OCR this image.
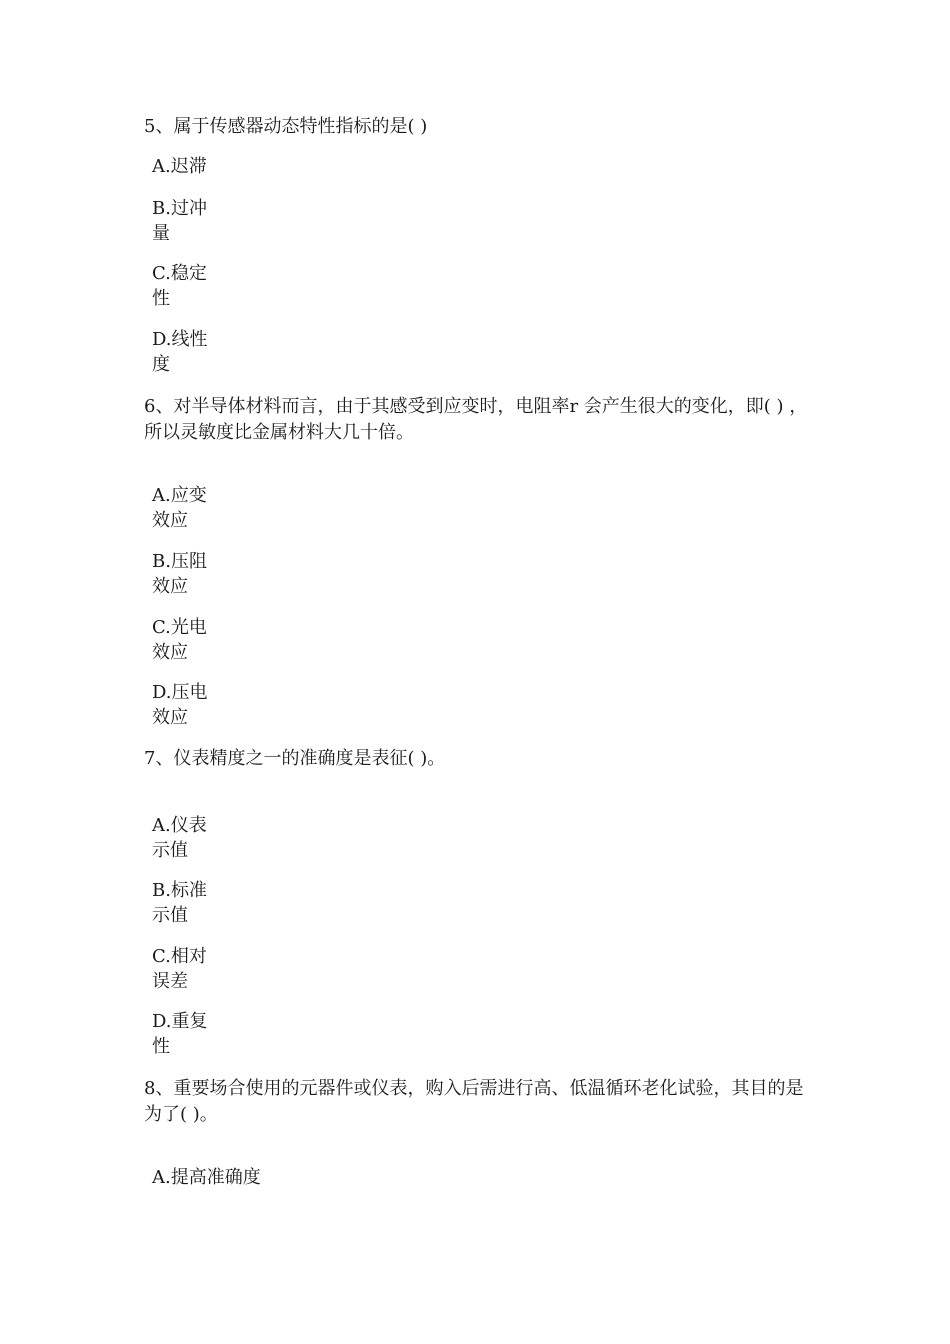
5、属于传感器动态特性指标的是( )

A.迟滞

B.过冲量

C.稳定性

D.线性度

6、对半导体材料而言，由于其感受到应变时，电阻率r 会产生很大的变化，即( ) ，所以灵敏度比金属材料大几十倍。

A.应变效应

B.压阻效应

C.光电效应

D.压电效应

7、仪表精度之一的准确度是表征( )。

A.仪表示值

B.标准示值

C.相对误差

D.重复性

8、重要场合使用的元器件或仪表，购入后需进行高、低温循环老化试验，其目的是为了( )。

A.提高准确度
